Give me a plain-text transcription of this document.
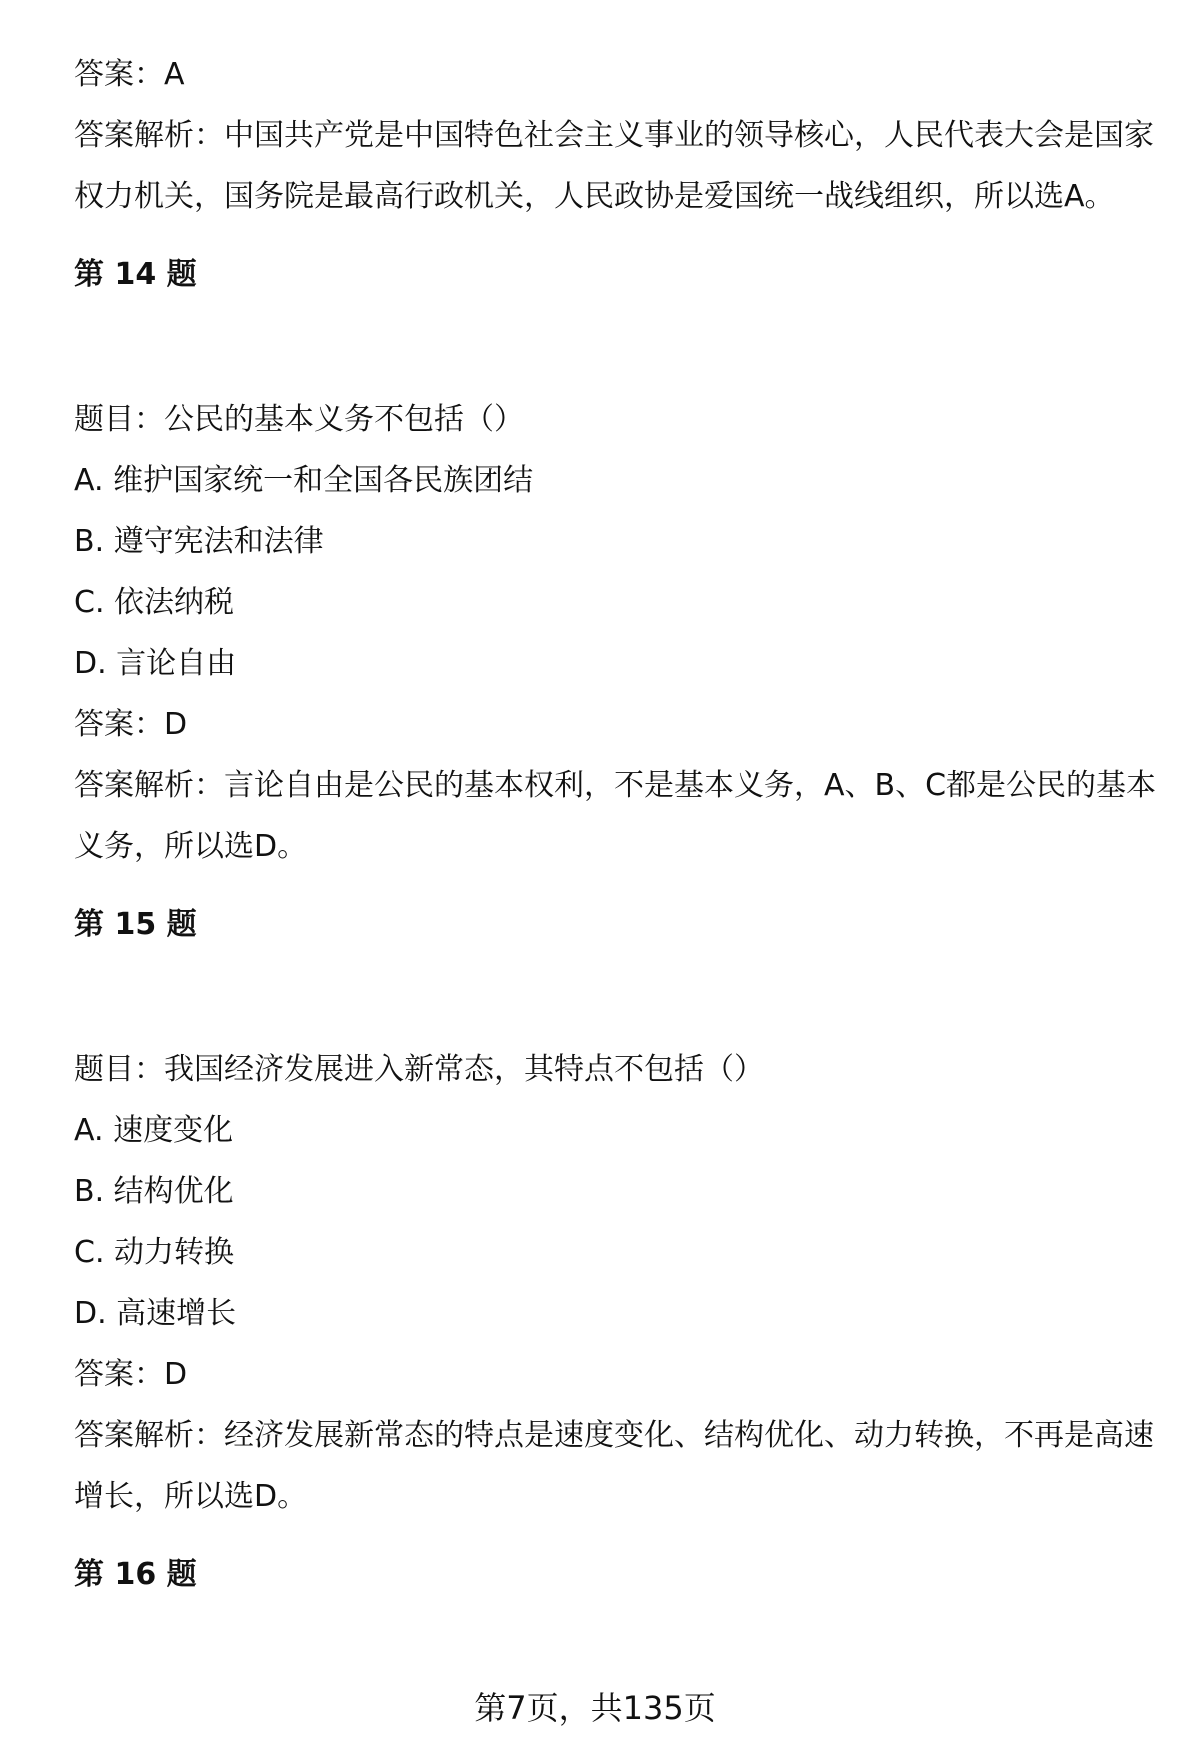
答案：A
答案解析：中国共产党是中国特色社会主义事业的领导核心，人民代表大会是国家权力机关，国务院是最高行政机关，人民政协是爱国统一战线组织，所以选A。
第 14 题
题目：公民的基本义务不包括（）
A. 维护国家统一和全国各民族团结
B. 遵守宪法和法律
C. 依法纳税
D. 言论自由
答案：D
答案解析：言论自由是公民的基本权利，不是基本义务，A、B、C都是公民的基本义务，所以选D。
第 15 题
题目：我国经济发展进入新常态，其特点不包括（）
A. 速度变化
B. 结构优化
C. 动力转换
D. 高速增长
答案：D
答案解析：经济发展新常态的特点是速度变化、结构优化、动力转换，不再是高速增长，所以选D。
第 16 题
第7页，共135页
